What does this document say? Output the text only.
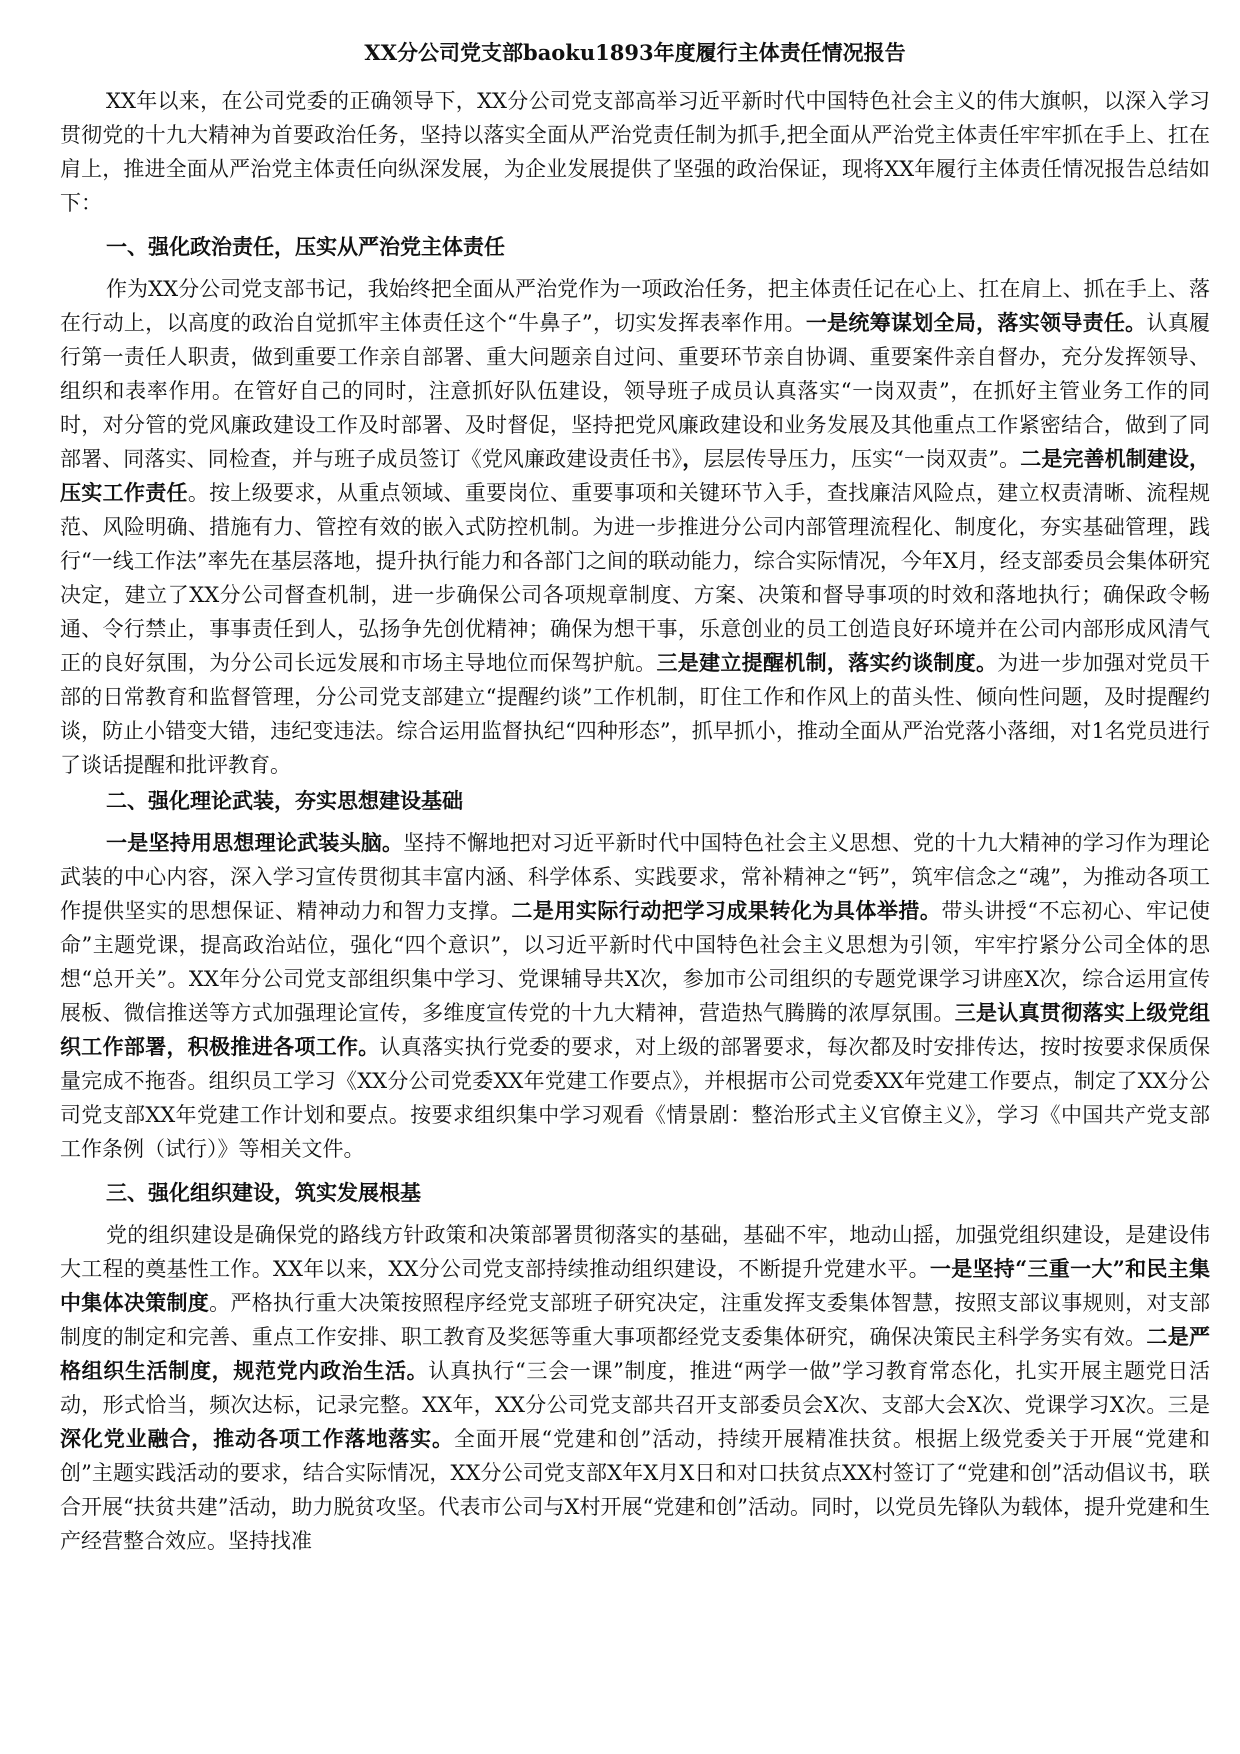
XX分公司党支部baoku1893年度履行主体责任情况报告

XX年以来，在公司党委的正确领导下，XX分公司党支部高举习近平新时代中国特色社会主义的伟大旗帜，以深入学习贯彻党的十九大精神为首要政治任务，坚持以落实全面从严治党责任制为抓手,把全面从严治党主体责任牢牢抓在手上、扛在肩上，推进全面从严治党主体责任向纵深发展，为企业发展提供了坚强的政治保证，现将XX年履行主体责任情况报告总结如下：

一、强化政治责任，压实从严治党主体责任

作为XX分公司党支部书记，我始终把全面从严治党作为一项政治任务，把主体责任记在心上、扛在肩上、抓在手上、落在行动上，以高度的政治自觉抓牢主体责任这个“牛鼻子”，切实发挥表率作用。一是统筹谋划全局，落实领导责任。认真履行第一责任人职责，做到重要工作亲自部署、重大问题亲自过问、重要环节亲自协调、重要案件亲自督办，充分发挥领导、组织和表率作用。在管好自己的同时，注意抓好队伍建设，领导班子成员认真落实“一岗双责”，在抓好主管业务工作的同时，对分管的党风廉政建设工作及时部署、及时督促，坚持把党风廉政建设和业务发展及其他重点工作紧密结合，做到了同部署、同落实、同检查，并与班子成员签订《党风廉政建设责任书》，层层传导压力，压实“一岗双责”。二是完善机制建设，压实工作责任。按上级要求，从重点领域、重要岗位、重要事项和关键环节入手，查找廉洁风险点，建立权责清晰、流程规范、风险明确、措施有力、管控有效的嵌入式防控机制。为进一步推进分公司内部管理流程化、制度化，夯实基础管理，践行“一线工作法”率先在基层落地，提升执行能力和各部门之间的联动能力，综合实际情况，今年X月，经支部委员会集体研究决定，建立了XX分公司督查机制，进一步确保公司各项规章制度、方案、决策和督导事项的时效和落地执行；确保政令畅通、令行禁止，事事责任到人，弘扬争先创优精神；确保为想干事，乐意创业的员工创造良好环境并在公司内部形成风清气正的良好氛围，为分公司长远发展和市场主导地位而保驾护航。三是建立提醒机制，落实约谈制度。为进一步加强对党员干部的日常教育和监督管理，分公司党支部建立“提醒约谈”工作机制，盯住工作和作风上的苗头性、倾向性问题，及时提醒约谈，防止小错变大错，违纪变违法。综合运用监督执纪“四种形态”，抓早抓小，推动全面从严治党落小落细，对1名党员进行了谈话提醒和批评教育。

二、强化理论武装，夯实思想建设基础

一是坚持用思想理论武装头脑。坚持不懈地把对习近平新时代中国特色社会主义思想、党的十九大精神的学习作为理论武装的中心内容，深入学习宣传贯彻其丰富内涵、科学体系、实践要求，常补精神之“钙”，筑牢信念之“魂”，为推动各项工作提供坚实的思想保证、精神动力和智力支撑。二是用实际行动把学习成果转化为具体举措。带头讲授“不忘初心、牢记使命”主题党课，提高政治站位，强化“四个意识”，以习近平新时代中国特色社会主义思想为引领，牢牢拧紧分公司全体的思想“总开关”。XX年分公司党支部组织集中学习、党课辅导共X次，参加市公司组织的专题党课学习讲座X次，综合运用宣传展板、微信推送等方式加强理论宣传，多维度宣传党的十九大精神，营造热气腾腾的浓厚氛围。三是认真贯彻落实上级党组织工作部署，积极推进各项工作。认真落实执行党委的要求，对上级的部署要求，每次都及时安排传达，按时按要求保质保量完成不拖沓。组织员工学习《XX分公司党委XX年党建工作要点》，并根据市公司党委XX年党建工作要点，制定了XX分公司党支部XX年党建工作计划和要点。按要求组织集中学习观看《情景剧：整治形式主义官僚主义》，学习《中国共产党支部工作条例（试行）》等相关文件。

三、强化组织建设，筑实发展根基

党的组织建设是确保党的路线方针政策和决策部署贯彻落实的基础，基础不牢，地动山摇，加强党组织建设，是建设伟大工程的奠基性工作。XX年以来，XX分公司党支部持续推动组织建设，不断提升党建水平。一是坚持“三重一大”和民主集中集体决策制度。严格执行重大决策按照程序经党支部班子研究决定，注重发挥支委集体智慧，按照支部议事规则，对支部制度的制定和完善、重点工作安排、职工教育及奖惩等重大事项都经党支委集体研究，确保决策民主科学务实有效。二是严格组织生活制度，规范党内政治生活。认真执行“三会一课”制度，推进“两学一做”学习教育常态化，扎实开展主题党日活动，形式恰当，频次达标，记录完整。XX年，XX分公司党支部共召开支部委员会X次、支部大会X次、党课学习X次。三是深化党业融合，推动各项工作落地落实。全面开展“党建和创”活动，持续开展精准扶贫。根据上级党委关于开展“党建和创”主题实践活动的要求，结合实际情况，XX分公司党支部X年X月X日和对口扶贫点XX村签订了“党建和创”活动倡议书，联合开展“扶贫共建”活动，助力脱贫攻坚。代表市公司与X村开展“党建和创”活动。同时，以党员先锋队为载体，提升党建和生产经营整合效应。坚持找准
